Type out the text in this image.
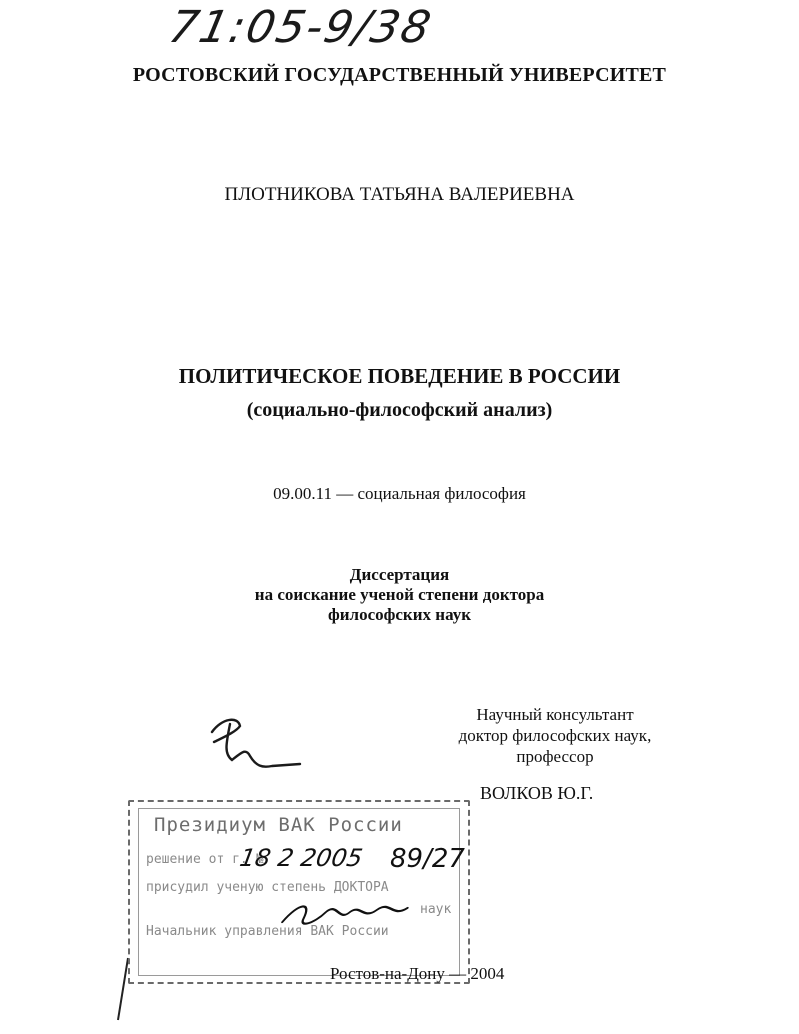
71:05-9/38
РОСТОВСКИЙ ГОСУДАРСТВЕННЫЙ УНИВЕРСИТЕТ
ПЛОТНИКОВА ТАТЬЯНА ВАЛЕРИЕВНА
ПОЛИТИЧЕСКОЕ ПОВЕДЕНИЕ В РОССИИ
(социально-философский анализ)
09.00.11 — социальная философия
Диссертация
на соискание ученой степени доктора
философских наук
Научный консультант
доктор философских наук,
профессор
ВОЛКОВ Ю.Г.
Президиум ВАК России
решение от г. №
18 2 2005 89/27
присудил ученую степень ДОКТОРА
наук
Начальник управления ВАК России
Ростов-на-Дону — 2004
